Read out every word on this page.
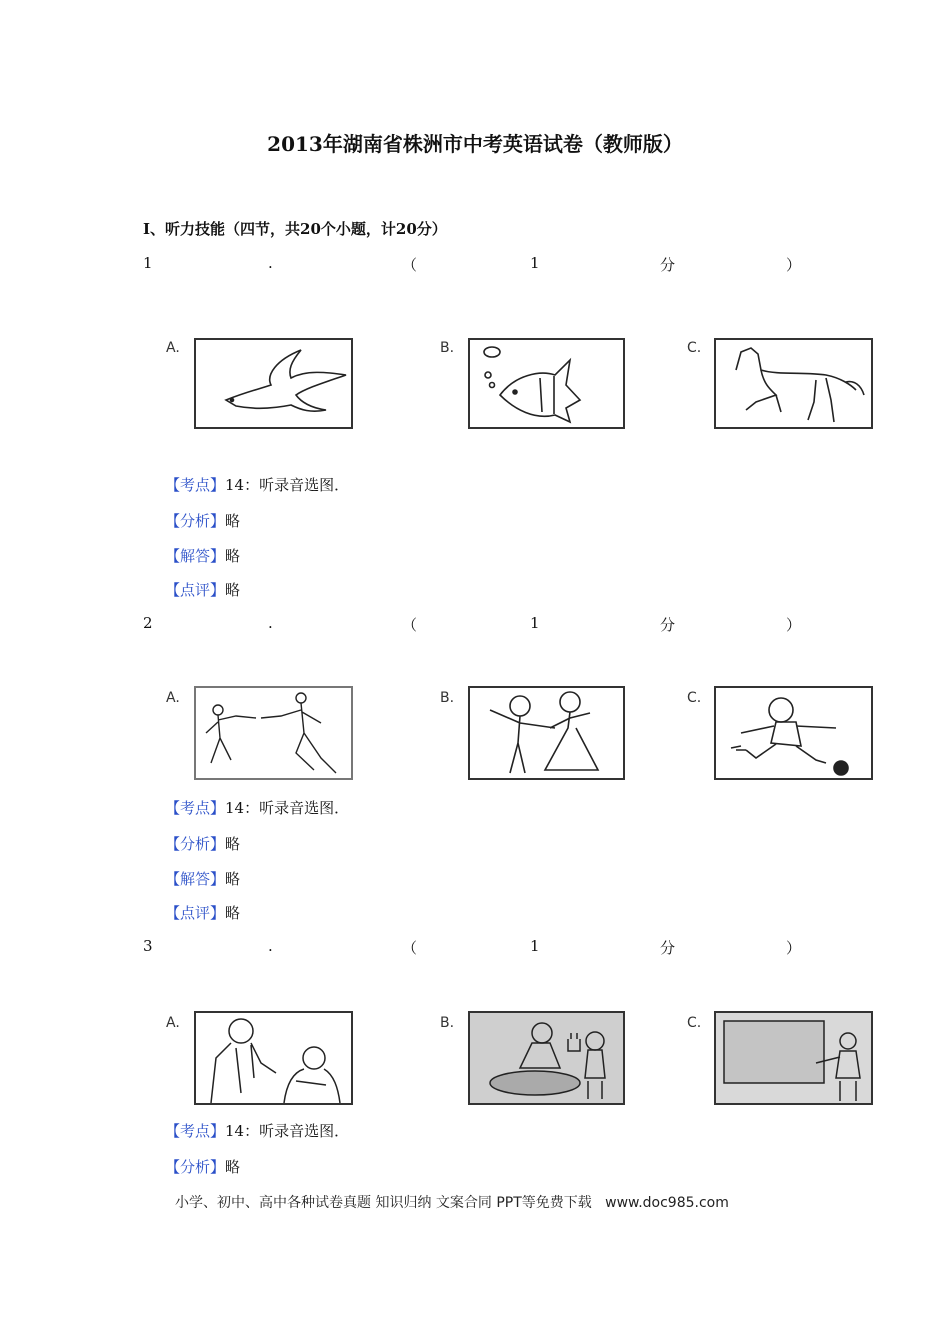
2013年湖南省株洲市中考英语试卷（教师版）
I、听力技能（四节，共20个小题，计20分）
1	.	（	1	分	）
A.	B.	C.
【考点】14：听录音选图．
【分析】略
【解答】略
【点评】略
2	.	（	1	分	）
A.	B.	C.
【考点】14：听录音选图．
【分析】略
【解答】略
【点评】略
3	.	（	1	分	）
A.	B.	C.
【考点】14：听录音选图．
【分析】略
小学、初中、高中各种试卷真题 知识归纳 文案合同 PPT等免费下载   www.doc985.com
